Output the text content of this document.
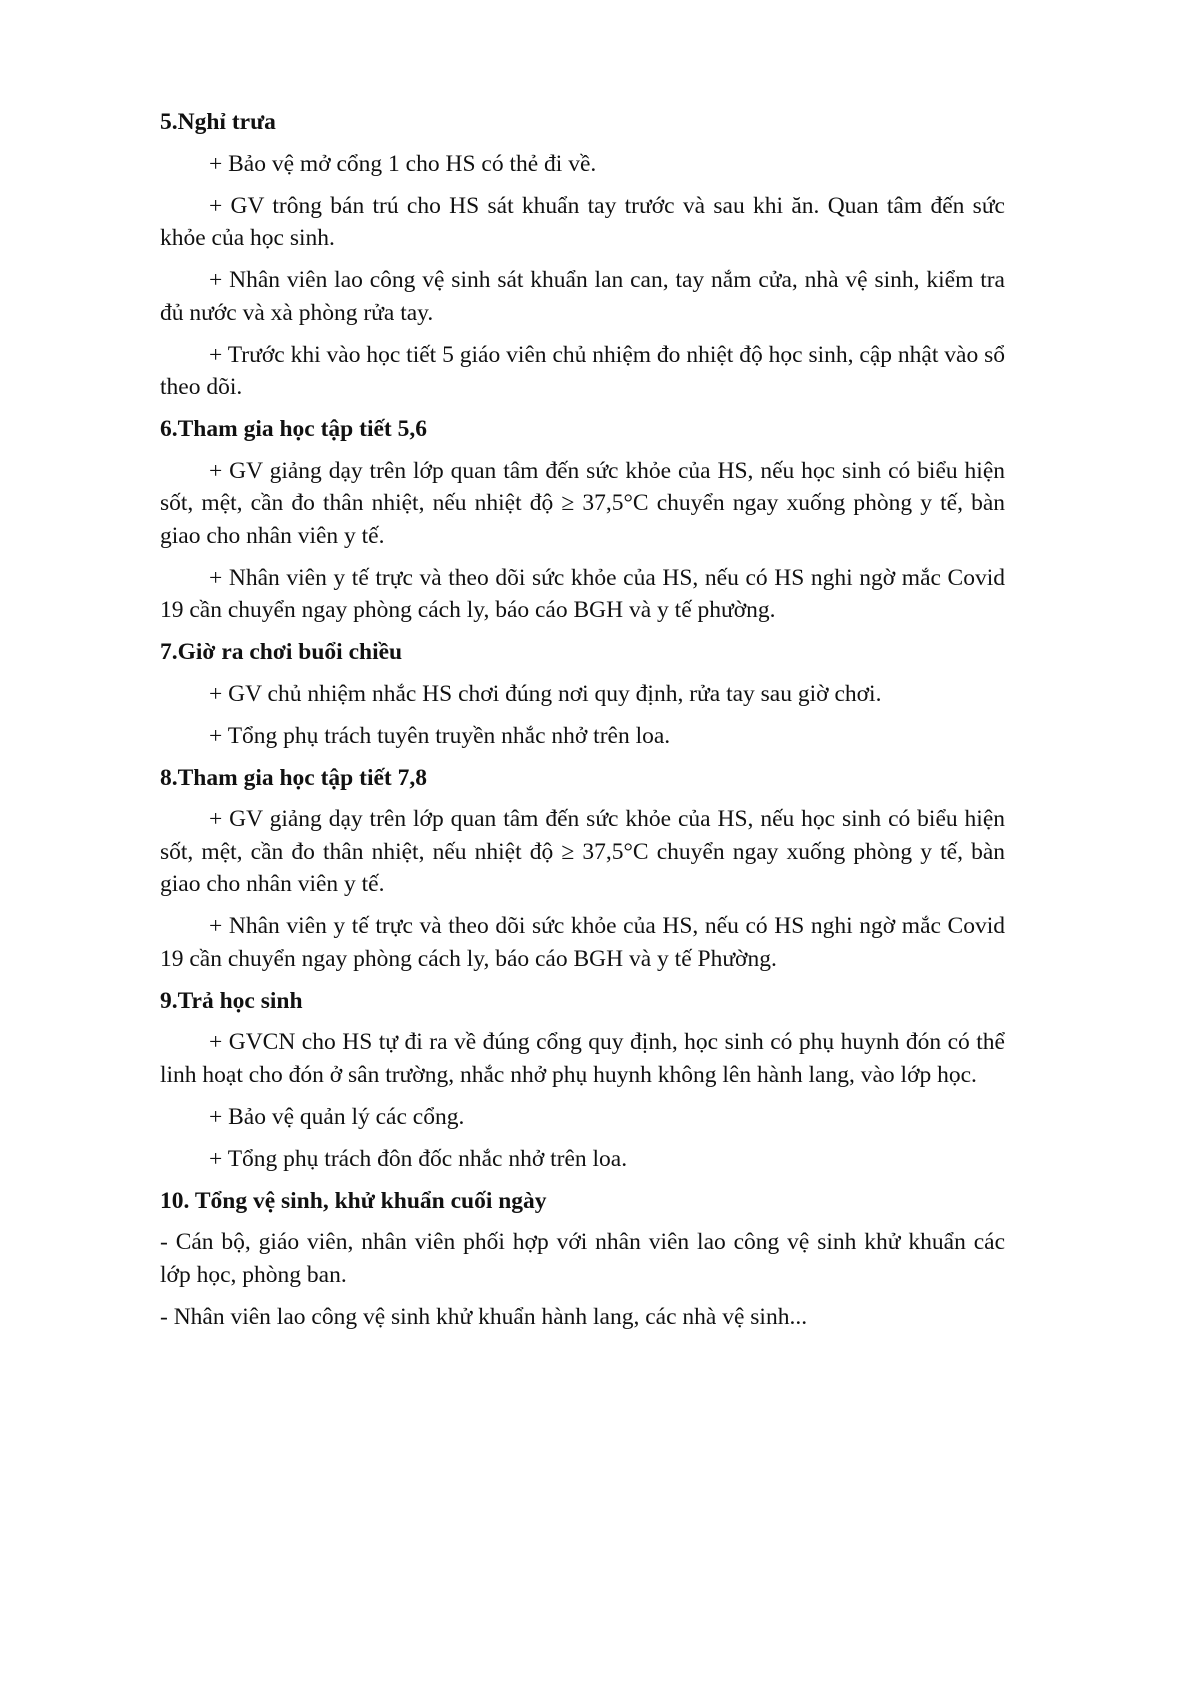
5.Nghỉ trưa

+ Bảo vệ mở cổng 1 cho HS có thẻ đi về.

+ GV trông bán trú cho HS sát khuẩn tay trước và sau khi ăn. Quan tâm đến sức khỏe của học sinh.

+ Nhân viên lao công vệ sinh sát khuẩn lan can, tay nắm cửa, nhà vệ sinh, kiểm tra đủ nước và xà phòng rửa tay.

+ Trước khi vào học tiết 5 giáo viên chủ nhiệm đo nhiệt độ học sinh, cập nhật vào sổ theo dõi.

6.Tham gia học tập tiết 5,6

+ GV giảng dạy trên lớp quan tâm đến sức khỏe của HS, nếu học sinh có biểu hiện sốt, mệt, cần đo thân nhiệt, nếu nhiệt độ ≥ 37,5°C chuyển ngay xuống phòng y tế, bàn giao cho nhân viên y tế.

+ Nhân viên y tế trực và theo dõi sức khỏe của HS, nếu có HS nghi ngờ mắc Covid 19 cần chuyển ngay phòng cách ly, báo cáo BGH và y tế phường.

7.Giờ ra chơi buổi chiều

+ GV chủ nhiệm nhắc HS chơi đúng nơi quy định, rửa tay sau giờ chơi.

+ Tổng phụ trách tuyên truyền nhắc nhở trên loa.

8.Tham gia học tập tiết 7,8

+ GV giảng dạy trên lớp quan tâm đến sức khỏe của HS, nếu học sinh có biểu hiện sốt, mệt, cần đo thân nhiệt, nếu nhiệt độ ≥ 37,5°C chuyển ngay xuống phòng y tế, bàn giao cho nhân viên y tế.

+ Nhân viên y tế trực và theo dõi sức khỏe của HS, nếu có HS nghi ngờ mắc Covid 19 cần chuyển ngay phòng cách ly, báo cáo BGH và y tế Phường.

9.Trả học sinh

+ GVCN cho HS tự đi ra về đúng cổng quy định, học sinh có phụ huynh đón có thể linh hoạt cho đón ở sân trường, nhắc nhở phụ huynh không lên hành lang, vào lớp học.

+ Bảo vệ quản lý các cổng.

+ Tổng phụ trách đôn đốc nhắc nhở trên loa.

10. Tổng vệ sinh, khử khuẩn cuối ngày

- Cán bộ, giáo viên, nhân viên phối hợp với nhân viên lao công vệ sinh khử khuẩn các lớp học, phòng ban.

- Nhân viên lao công vệ sinh khử khuẩn hành lang, các nhà vệ sinh...
